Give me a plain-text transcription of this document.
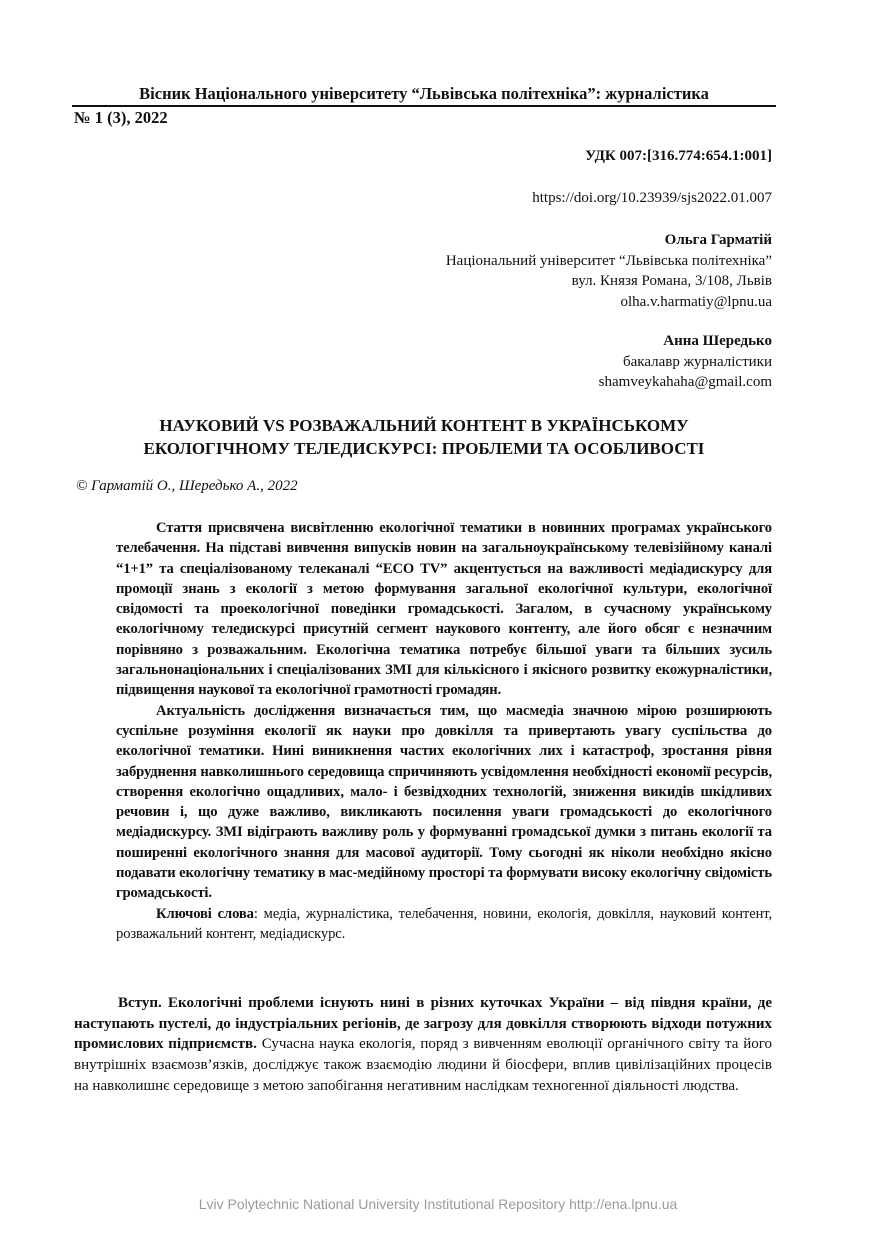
Вісник Національного університету “Львівська політехніка”: журналістика
№ 1 (3), 2022
УДК 007:[316.774:654.1:001]
https://doi.org/10.23939/sjs2022.01.007
Ольга Гарматій
Національний університет “Львівська політехніка”
вул. Князя Романа, 3/108, Львів
olha.v.harmatiy@lpnu.ua
Анна Шередько
бакалавр журналістики
shamveykahaha@gmail.com
НАУКОВИЙ VS РОЗВАЖАЛЬНИЙ КОНТЕНТ В УКРАЇНСЬКОМУ
ЕКОЛОГІЧНОМУ ТЕЛЕДИСКУРСІ: ПРОБЛЕМИ ТА ОСОБЛИВОСТІ
© Гарматій О., Шередько А., 2022

Стаття присвячена висвітленню екологічної тематики в новинних програмах українського телебачення. На підставі вивчення випусків новин на загальноукраїнському телевізійному каналі “1+1” та спеціалізованому телеканалі “ECO TV” акцентується на важливості медіадискурсу для промоції знань з екології з метою формування загальної екологічної культури, екологічної свідомості та проекологічної поведінки громадськості. Загалом, в сучасному українському екологічному теледискурсі присутній сегмент наукового контенту, але його обсяг є незначним порівняно з розважальним. Екологічна тематика потребує більшої уваги та більших зусиль загальнонаціональних і спеціалізованих ЗМІ для кількісного і якісного розвитку екожурналістики, підвищення наукової та екологічної грамотності громадян.

Актуальність дослідження визначається тим, що масмедіа значною мірою розширюють суспільне розуміння екології як науки про довкілля та привертають увагу суспільства до екологічної тематики. Нині виникнення частих екологічних лих і катастроф, зростання рівня забруднення навколишнього середовища спричиняють усвідомлення необхідності економії ресурсів, створення екологічно ощадливих, мало- і безвідходних технологій, зниження викидів шкідливих речовин і, що дуже важливо, викликають посилення уваги громадськості до екологічного медіадискурсу. ЗМІ відіграють важливу роль у формуванні громадської думки з питань екології та поширенні екологічного знання для масової аудиторії. Тому сьогодні як ніколи необхідно якісно подавати екологічну тематику в мас-медійному просторі та формувати високу екологічну свідомість громадськості.

Ключові слова: медіа, журналістика, телебачення, новини, екологія, довкілля, науковий контент, розважальний контент, медіадискурс.

Вступ. Екологічні проблеми існують нині в різних куточках України – від півдня країни, де наступають пустелі, до індустріальних регіонів, де загрозу для довкілля створюють відходи потужних промислових підприємств. Сучасна наука екологія, поряд з вивченням еволюції органічного світу та його внутрішніх взаємозв’язків, досліджує також взаємодію людини й біосфери, вплив цивілізаційних процесів на навколишнє середовище з метою запобігання негативним наслідкам техногенної діяльності людства.

Lviv Polytechnic National University Institutional Repository http://ena.lpnu.ua
